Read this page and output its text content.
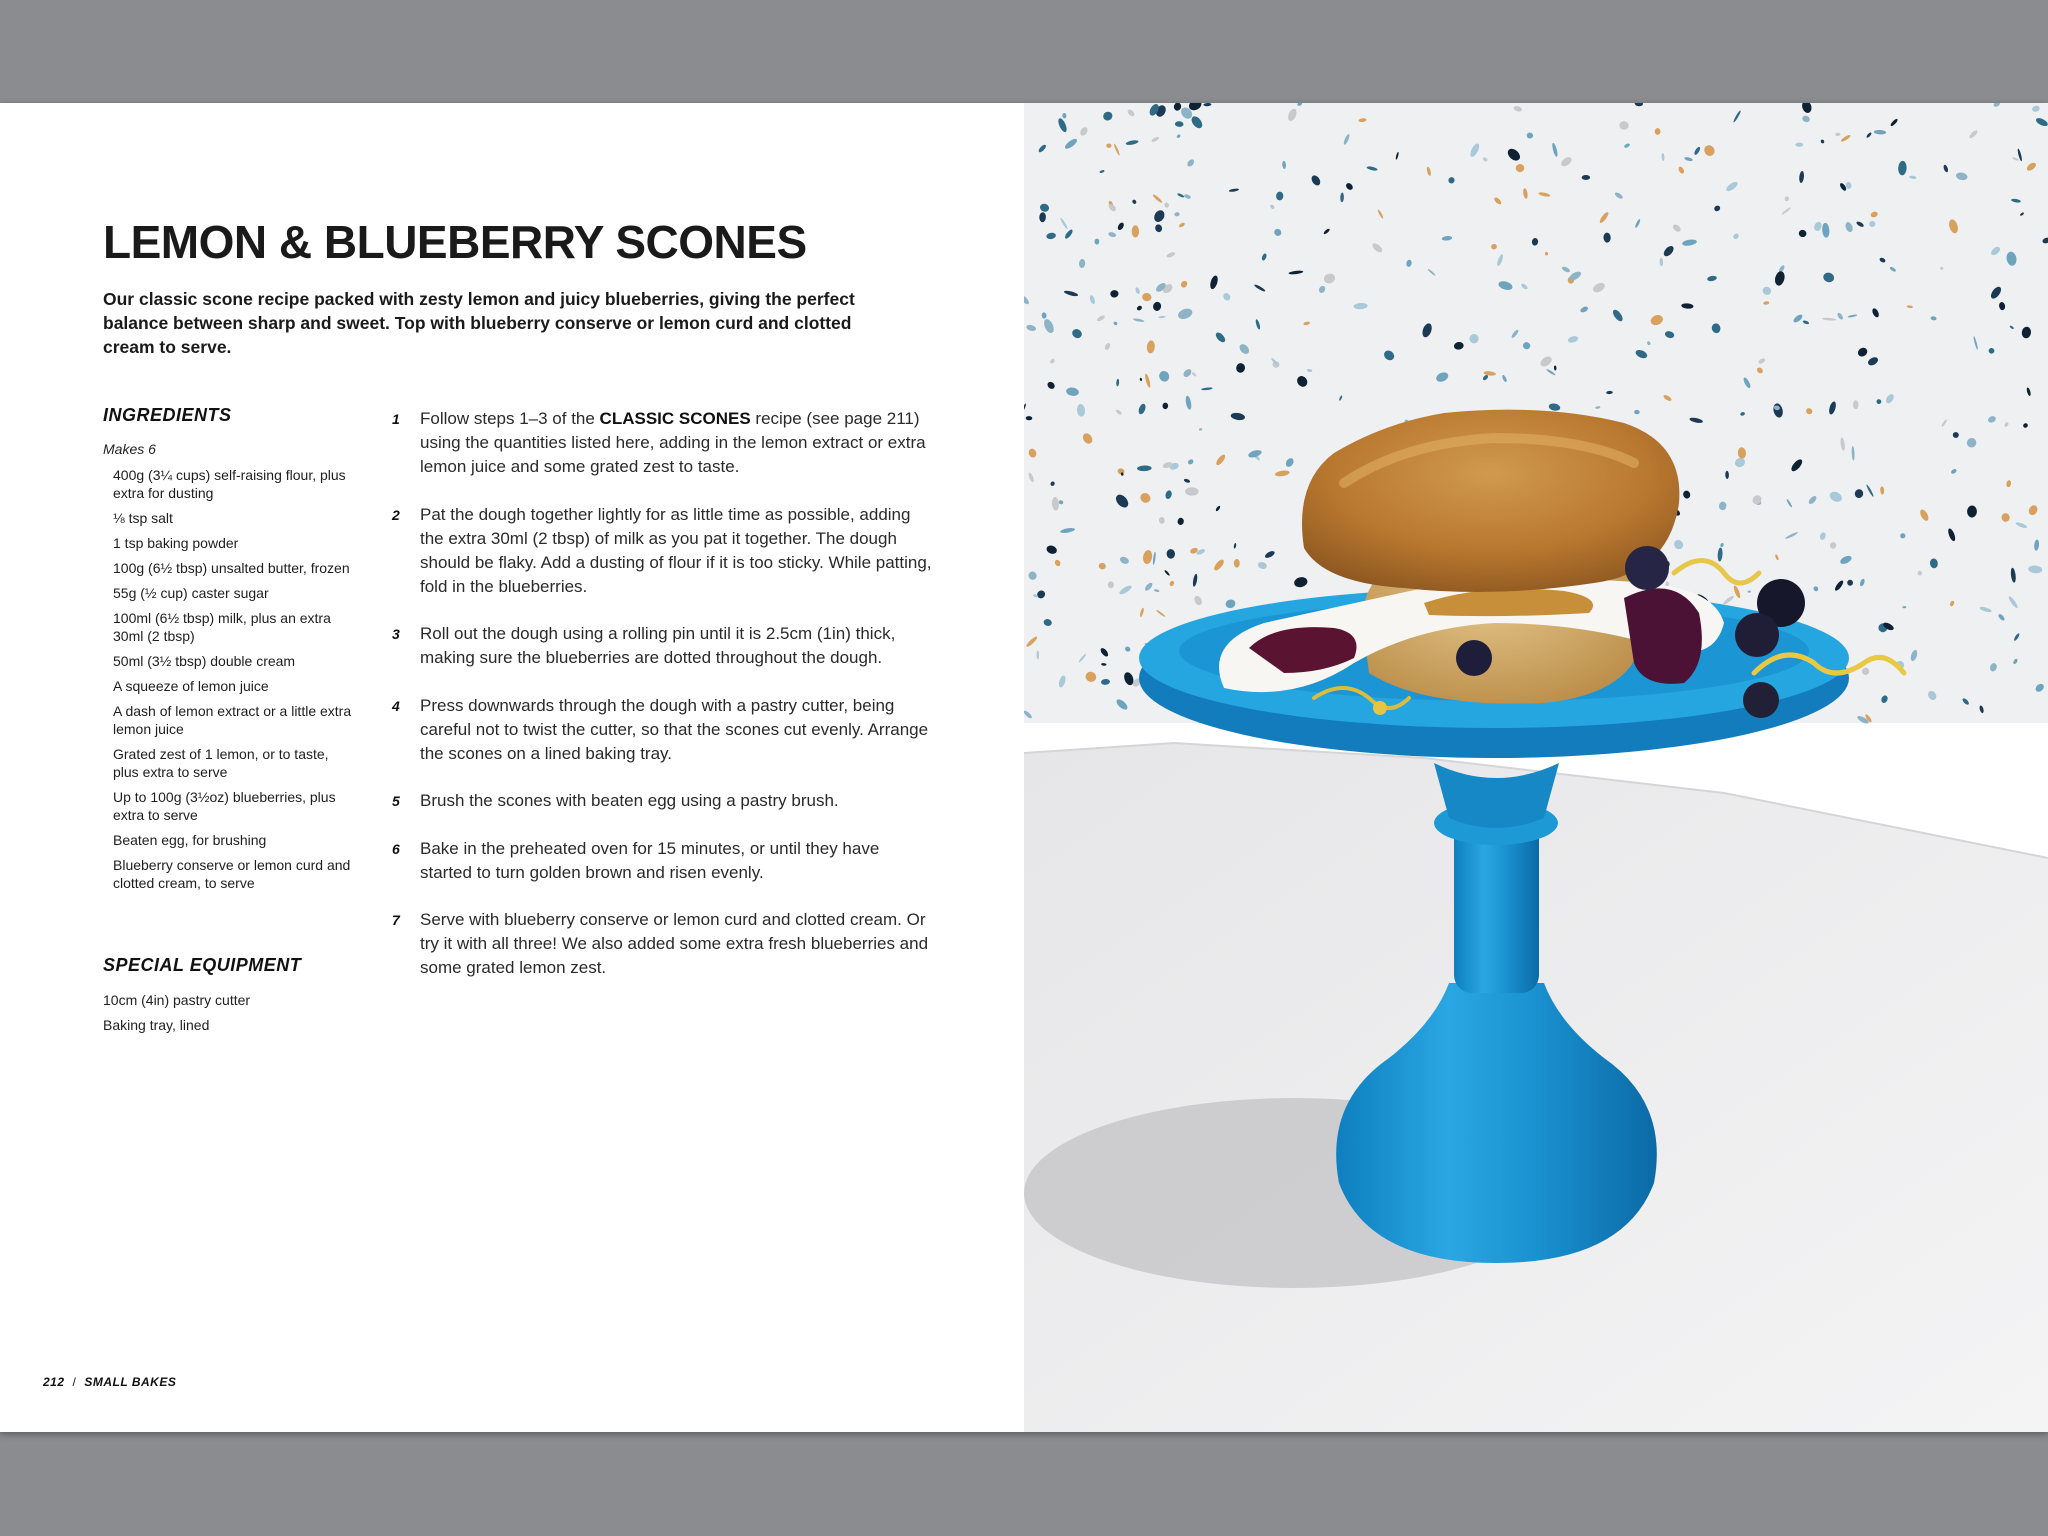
LEMON & BLUEBERRY SCONES

Our classic scone recipe packed with zesty lemon and juicy blueberries, giving the perfect balance between sharp and sweet. Top with blueberry conserve or lemon curd and clotted cream to serve.

INGREDIENTS

Makes 6

400g (3¼ cups) self-raising flour, plus extra for dusting
⅛ tsp salt
1 tsp baking powder
100g (6½ tbsp) unsalted butter, frozen
55g (½ cup) caster sugar
100ml (6½ tbsp) milk, plus an extra 30ml (2 tbsp)
50ml (3½ tbsp) double cream
A squeeze of lemon juice
A dash of lemon extract or a little extra lemon juice
Grated zest of 1 lemon, or to taste, plus extra to serve
Up to 100g (3½oz) blueberries, plus extra to serve
Beaten egg, for brushing
Blueberry conserve or lemon curd and clotted cream, to serve
SPECIAL EQUIPMENT
10cm (4in) pastry cutter
Baking tray, lined
1 Follow steps 1–3 of the CLASSIC SCONES recipe (see page 211) using the quantities listed here, adding in the lemon extract or extra lemon juice and some grated zest to taste.
2 Pat the dough together lightly for as little time as possible, adding the extra 30ml (2 tbsp) of milk as you pat it together. The dough should be flaky. Add a dusting of flour if it is too sticky. While patting, fold in the blueberries.
3 Roll out the dough using a rolling pin until it is 2.5cm (1in) thick, making sure the blueberries are dotted throughout the dough.
4 Press downwards through the dough with a pastry cutter, being careful not to twist the cutter, so that the scones cut evenly. Arrange the scones on a lined baking tray.
5 Brush the scones with beaten egg using a pastry brush.
6 Bake in the preheated oven for 15 minutes, or until they have started to turn golden brown and risen evenly.
7 Serve with blueberry conserve or lemon curd and clotted cream. Or try it with all three! We also added some extra fresh blueberries and some grated lemon zest.

212 / SMALL BAKES
